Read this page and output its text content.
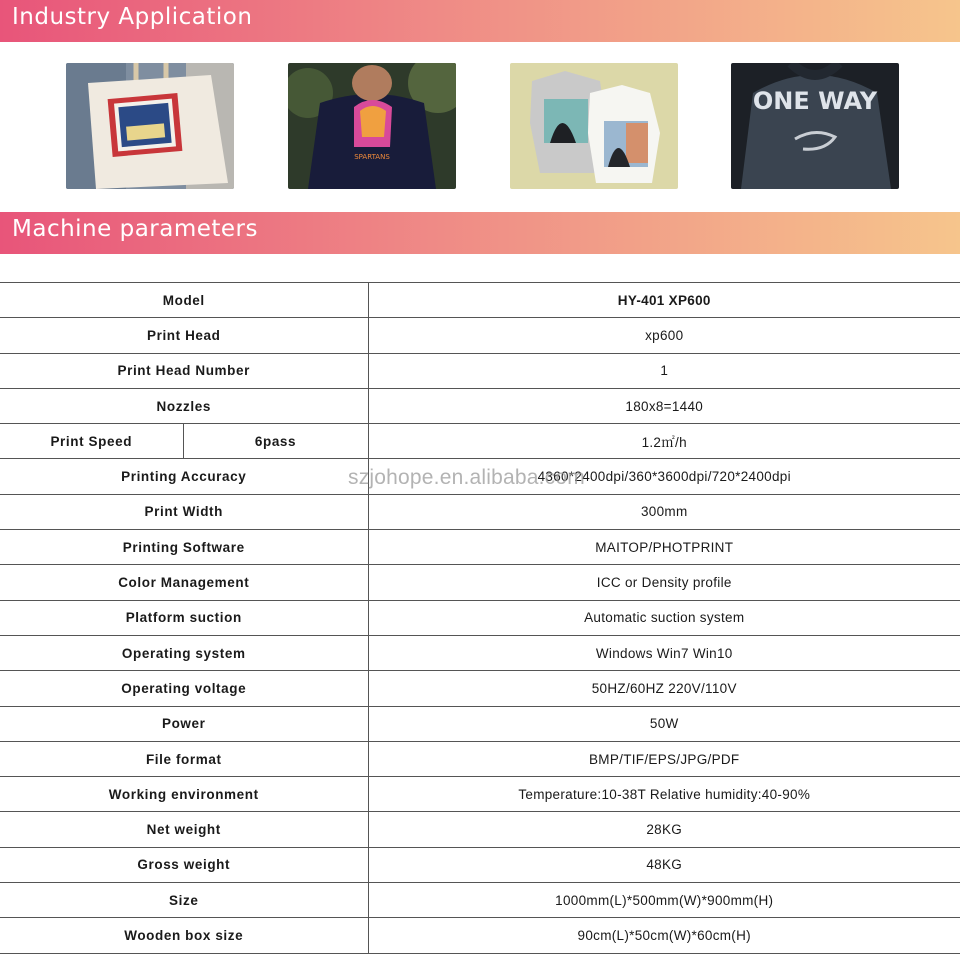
Industry Application
SPARTANS
ONE WAY
Machine parameters
Model		HY-401 XP600
Print Head		xp600
Print Head Number		1
Nozzles		180x8=1440
Print Speed	6pass	1.2㎡/h
Printing Accuracy		4360*2400dpi/360*3600dpi/720*2400dpi
Print Width		300mm
Printing Software		MAITOP/PHOTPRINT
Color Management		ICC or Density profile
Platform suction		Automatic suction system
Operating system		Windows Win7 Win10
Operating voltage		50HZ/60HZ 220V/110V
Power		50W
File format		BMP/TIF/EPS/JPG/PDF
Working environment		Temperature:10-38T Relative humidity:40-90%
Net weight		28KG
Gross weight		48KG
Size		1000mm(L)*500mm(W)*900mm(H)
Wooden box size		90cm(L)*50cm(W)*60cm(H)
szjohope.en.alibaba.com
